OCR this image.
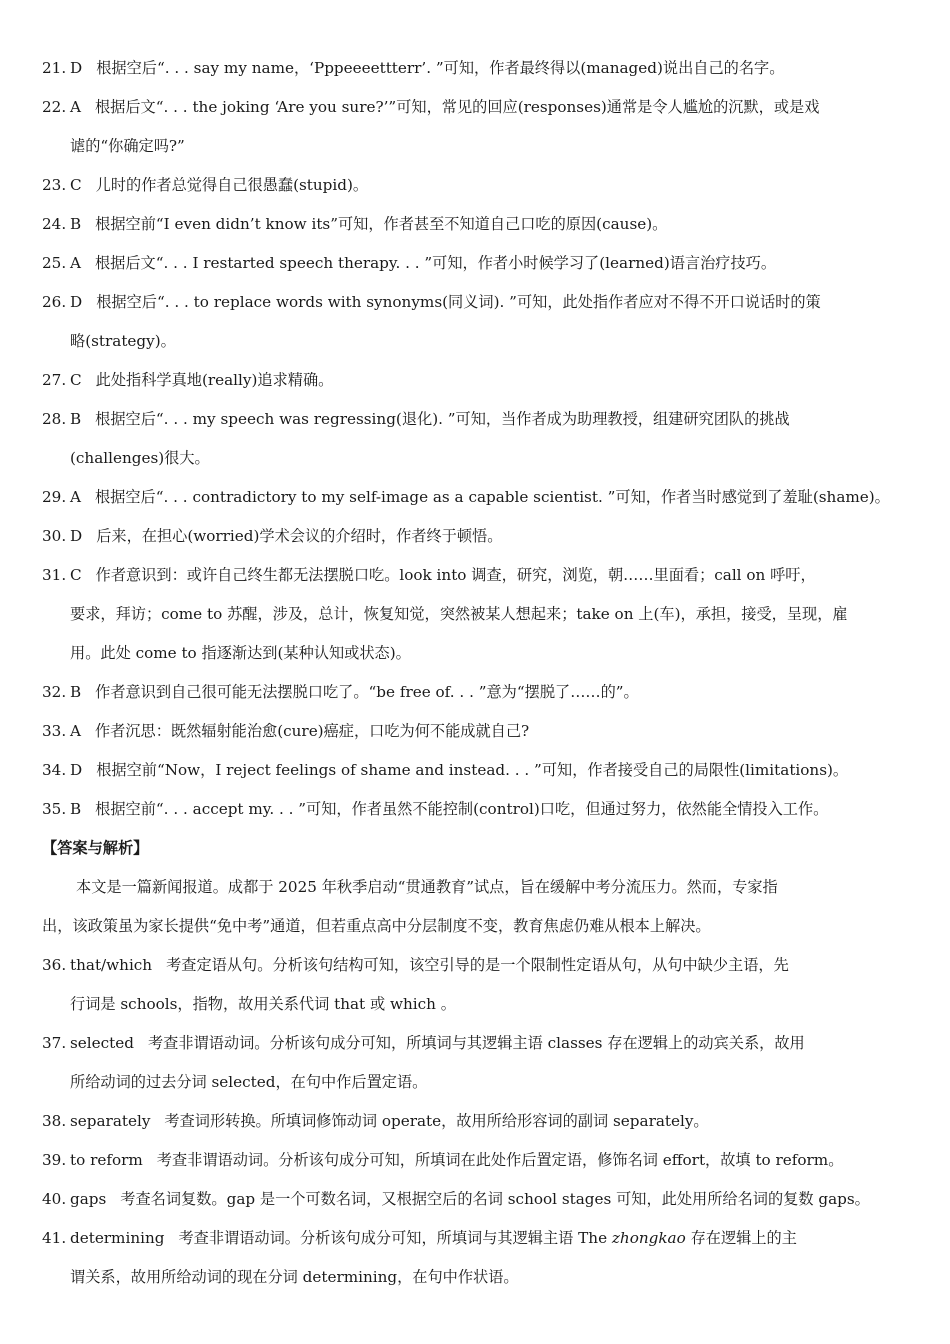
21. D 根据空后“. . . say my name，‘Pppeeeettterr’. ”可知，作者最终得以(managed)说出自己的名字。
22. A 根据后文“. . . the joking ‘Are you sure?’”可知，常见的回应(responses)通常是令人尴尬的沉默，或是戏
谑的“你确定吗?”
23. C 儿时的作者总觉得自己很愚蠢(stupid)。
24. B 根据空前“I even didn’t know its”可知，作者甚至不知道自己口吃的原因(cause)。
25. A 根据后文“. . . I restarted speech therapy. . . ”可知，作者小时候学习了(learned)语言治疗技巧。
26. D 根据空后“. . . to replace words with synonyms(同义词). ”可知，此处指作者应对不得不开口说话时的策
略(strategy)。
27. C 此处指科学真地(really)追求精确。
28. B 根据空后“. . . my speech was regressing(退化). ”可知，当作者成为助理教授，组建研究团队的挑战
(challenges)很大。
29. A 根据空后“. . . contradictory to my self-image as a capable scientist. ”可知，作者当时感觉到了羞耻(shame)。
30. D 后来，在担心(worried)学术会议的介绍时，作者终于顿悟。
31. C 作者意识到：或许自己终生都无法摆脱口吃。look into 调查，研究，浏览，朝……里面看；call on 呼吁，
要求，拜访；come to 苏醒，涉及，总计，恢复知觉，突然被某人想起来；take on 上(车)，承担，接受，呈现，雇
用。此处 come to 指逐渐达到(某种认知或状态)。
32. B 作者意识到自己很可能无法摆脱口吃了。“be free of. . . ”意为“摆脱了……的”。
33. A 作者沉思：既然辐射能治愈(cure)癌症，口吃为何不能成就自己?
34. D 根据空前“Now，I reject feelings of shame and instead. . . ”可知，作者接受自己的局限性(limitations)。
35. B 根据空前“. . . accept my. . . ”可知，作者虽然不能控制(control)口吃，但通过努力，依然能全情投入工作。
【答案与解析】
本文是一篇新闻报道。成都于 2025 年秋季启动“贯通教育”试点，旨在缓解中考分流压力。然而，专家指
出，该政策虽为家长提供“免中考”通道，但若重点高中分层制度不变，教育焦虑仍难从根本上解决。
36. that/which 考查定语从句。分析该句结构可知，该空引导的是一个限制性定语从句，从句中缺少主语，先
行词是 schools，指物，故用关系代词 that 或 which 。
37. selected 考查非谓语动词。分析该句成分可知，所填词与其逻辑主语 classes 存在逻辑上的动宾关系，故用
所给动词的过去分词 selected，在句中作后置定语。
38. separately 考查词形转换。所填词修饰动词 operate，故用所给形容词的副词 separately。
39. to reform 考查非谓语动词。分析该句成分可知，所填词在此处作后置定语，修饰名词 effort，故填 to reform。
40. gaps 考查名词复数。gap 是一个可数名词，又根据空后的名词 school stages 可知，此处用所给名词的复数 gaps。
41. determining 考查非谓语动词。分析该句成分可知，所填词与其逻辑主语 The zhongkao 存在逻辑上的主
谓关系，故用所给动词的现在分词 determining，在句中作状语。
